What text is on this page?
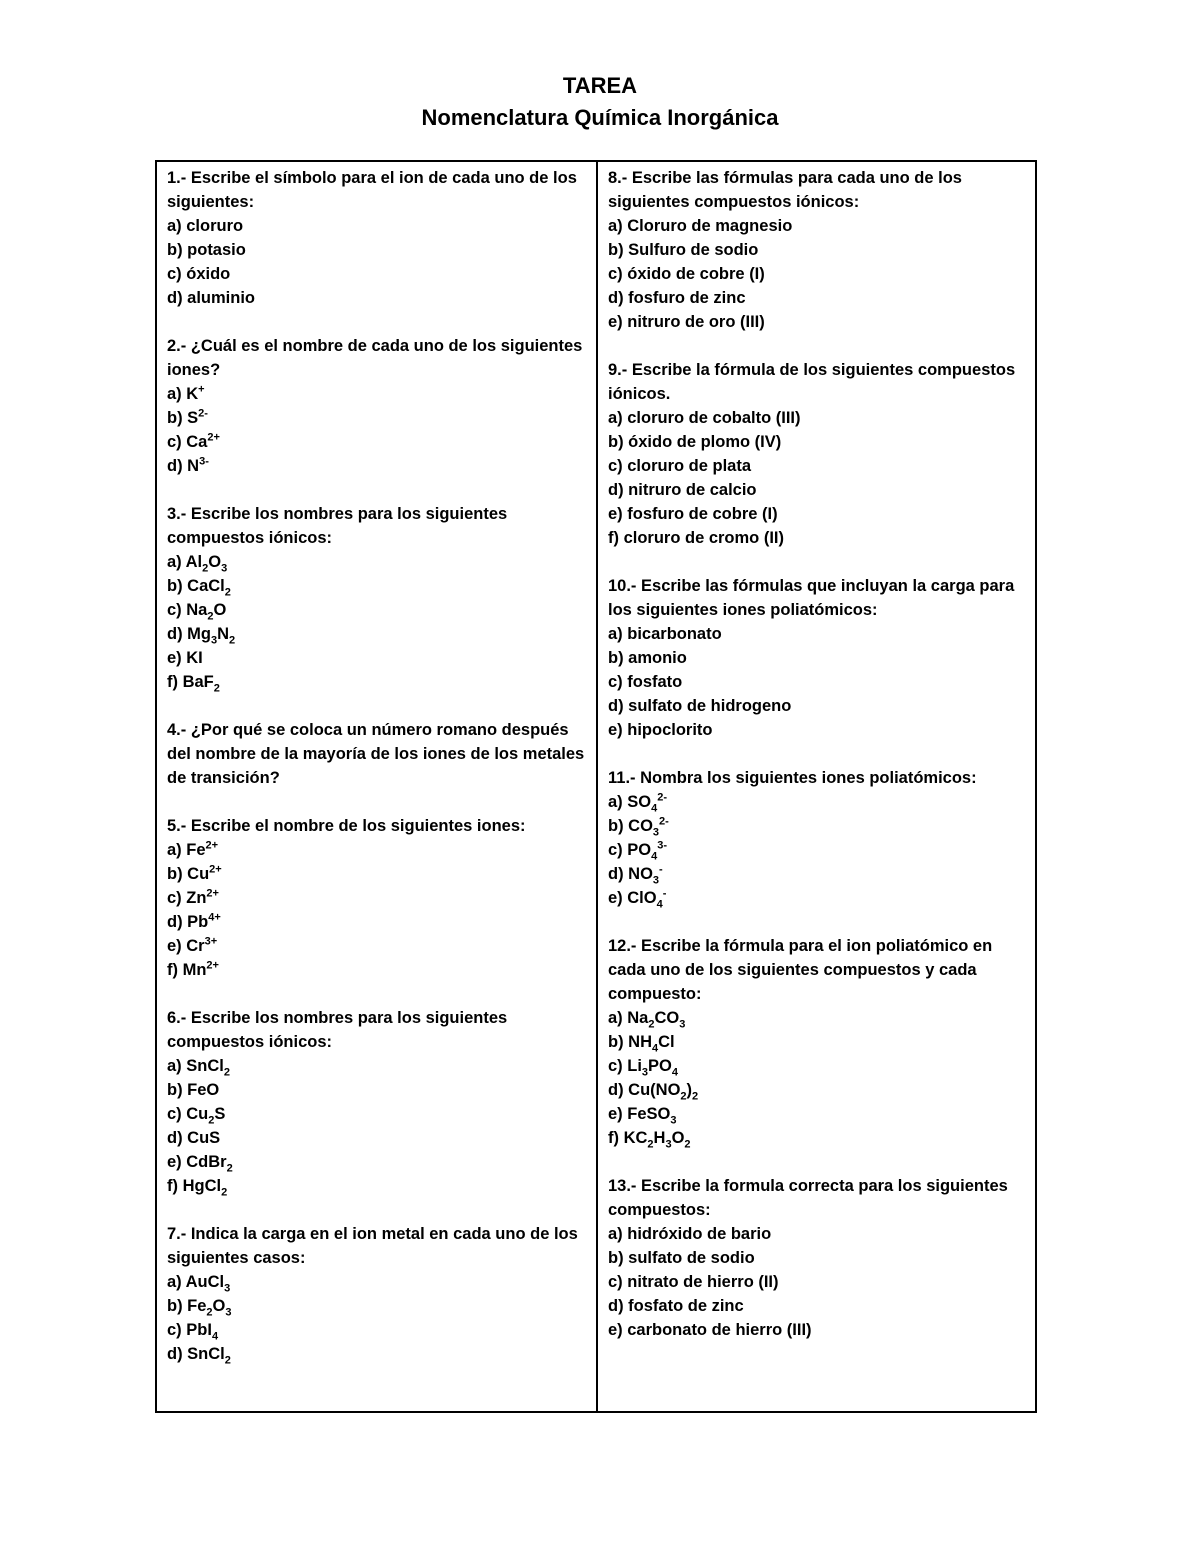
TAREA
Nomenclatura Química Inorgánica
1.- Escribe el símbolo para el ion de cada uno de los siguientes:
a) cloruro
b) potasio
c) óxido
d) aluminio
2.- ¿Cuál es el nombre de cada uno de los siguientes iones?
a) K+
b) $S^{2-}$
c) $Ca^{2+}$
d) $N^{3-}$
3.- Escribe los nombres para los siguientes compuestos iónicos:
a) $Al_2O_3$
b) CaCl$_2$
c) $Na_2O$
d) $Mg_3N_2$
e) KI
f) BaF$_2$
4.- ¿Por qué se coloca un número romano después del nombre de la mayoría de los iones de los metales de transición?
5.- Escribe el nombre de los siguientes iones:
a) $Fe^{2+}$
b) $Cu^{2+}$
c) $Zn^{2+}$
d) $Pb^{4+}$
e) $Cr^{3+}$
f) $Mn^{2+}$
6.- Escribe los nombres para los siguientes compuestos iónicos:
a) SnCl$_2$
b) FeO
c) $Cu_2S$
d) CuS
e) CdBr$_2$
f) HgCl$_2$
7.- Indica la carga en el ion metal en cada uno de los siguientes casos:
a) AuCl$_3$
b) $Fe_2O_3$
c) PbI$_4$
d) SnCl$_2$
8.- Escribe las fórmulas para cada uno de los siguientes compuestos iónicos:
a) Cloruro de magnesio
b) Sulfuro de sodio
c) óxido de cobre (I)
d) fosfuro de zinc
e) nitruro de oro (III)
9.- Escribe la fórmula de los siguientes compuestos iónicos.
a) cloruro de cobalto (III)
b) óxido de plomo (IV)
c) cloruro de plata
d) nitruro de calcio
e) fosfuro de cobre (I)
f) cloruro de cromo (II)
10.- Escribe las fórmulas que incluyan la carga para los siguientes iones poliatómicos:
a) bicarbonato
b) amonio
c) fosfato
d) sulfato de hidrogeno
e) hipoclorito
11.- Nombra los siguientes iones poliatómicos:
a) $SO_4^{2-}$
b) $CO_3^{2-}$
c) $PO_4^{3-}$
d) $NO_3^-$
e) ClO$_4$-
12.- Escribe la fórmula para el ion poliatómico en cada uno de los siguientes compuestos y cada compuesto:
a) $Na_2CO_3$
b) $NH_4Cl$
c) $Li_3PO_4$
d) $Cu(NO_2)_2$
e) FeSO$_3$
f) $KC_2H_3O_2$
13.- Escribe la formula correcta para los siguientes compuestos:
a) hidróxido de bario
b) sulfato de sodio
c) nitrato de hierro (II)
d) fosfato de zinc
e) carbonato de hierro (III)
